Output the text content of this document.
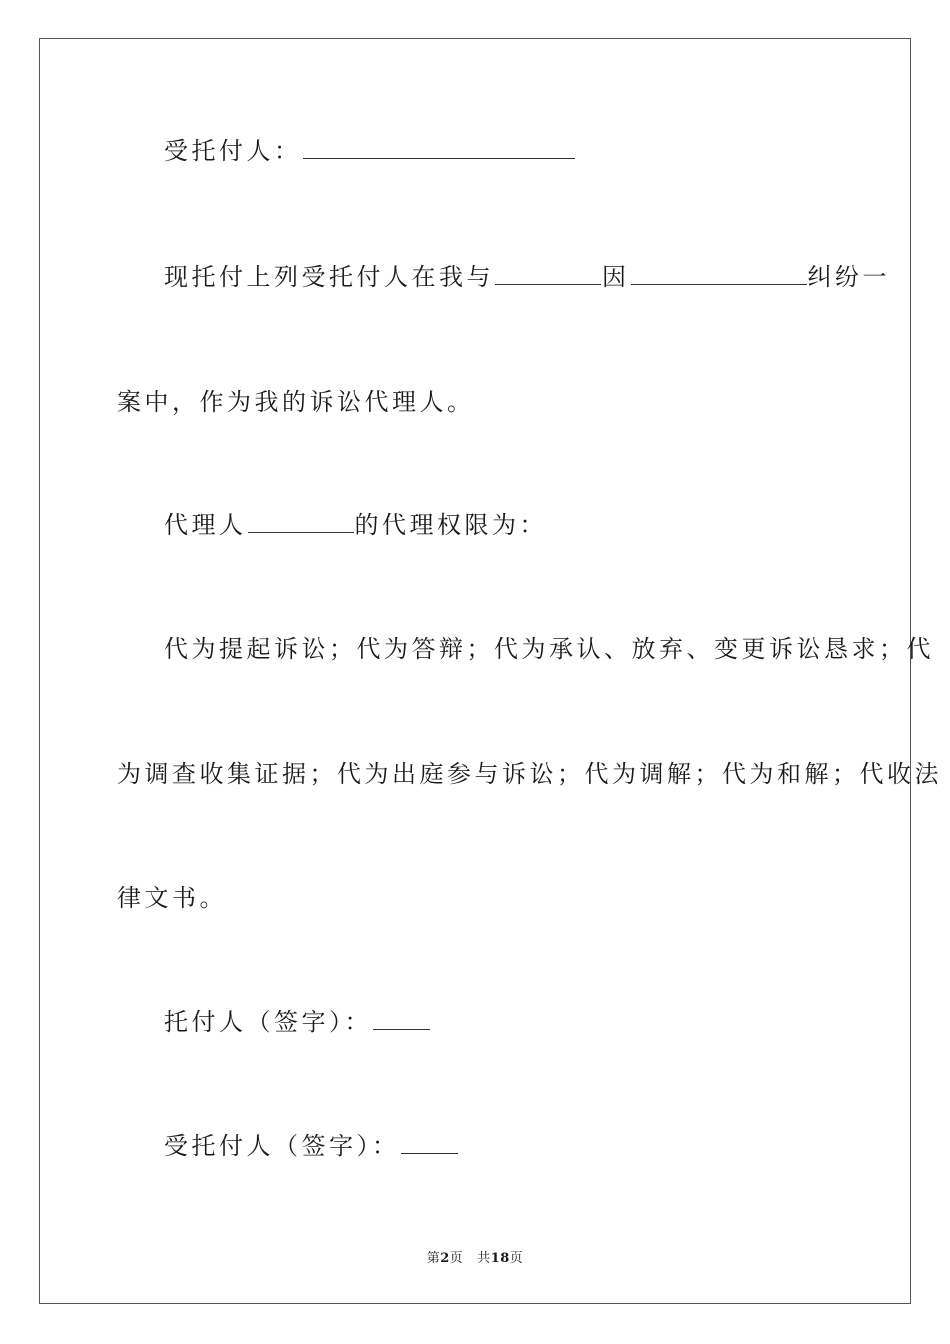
受托付人：
现托付上列受托付人在我与	因	纠纷一
案中，作为我的诉讼代理人。
代理人	的代理权限为：
代为提起诉讼；代为答辩；代为承认、放弃、变更诉讼恳求；代
为调查收集证据；代为出庭参与诉讼；代为调解；代为和解；代收法
律文书。
托付人（签字）：
受托付人（签字）：
第2页 共18页
